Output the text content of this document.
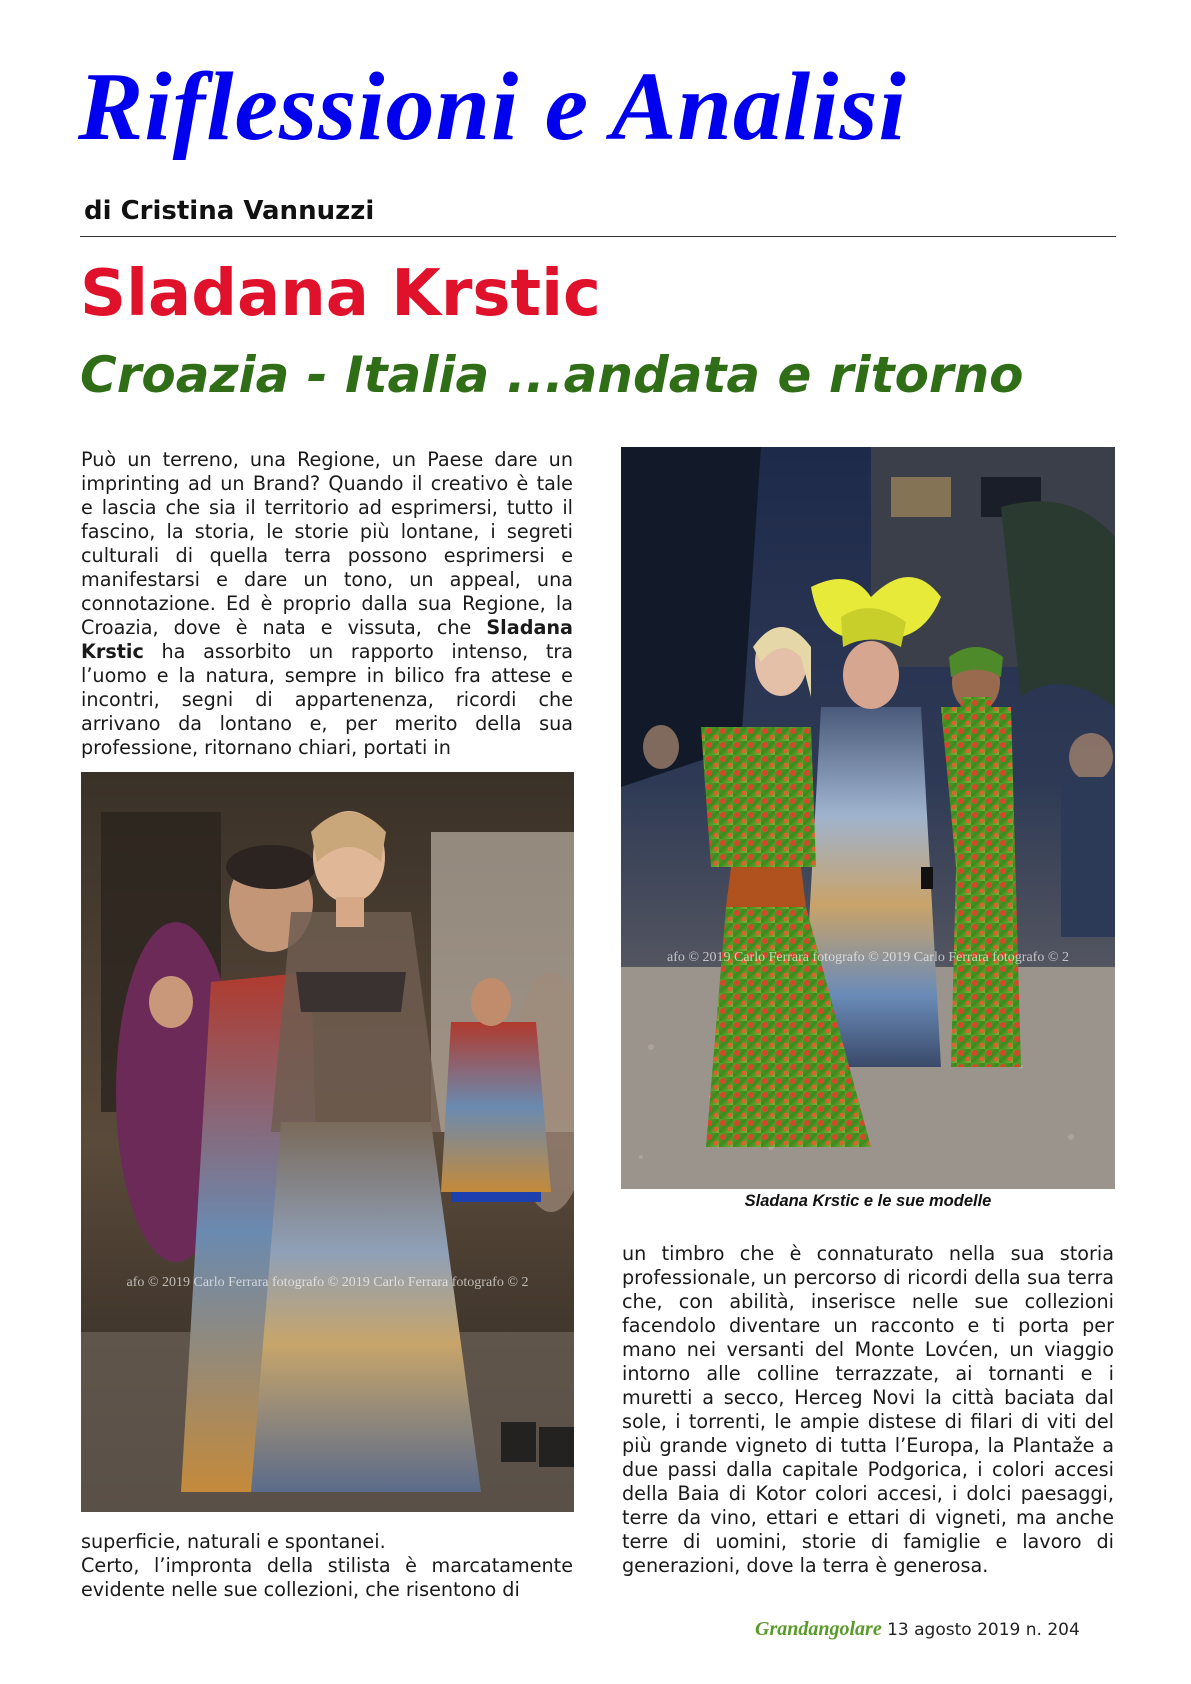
Riflessioni e Analisi

di Cristina Vannuzzi

Sladana Krstic
Croazia - Italia ...andata e ritorno
Può un terreno, una Regione, un Paese dare un imprinting ad un Brand? Quando il creativo è tale e lascia che sia il territorio ad esprimersi, tutto il fascino, la storia, le storie più lontane, i segreti culturali di quella terra possono esprimersi e manifestarsi e dare un tono, un appeal, una connotazione. Ed è proprio dalla sua Regione, la Croazia, dove è nata e vissuta, che Sladana Krstic ha assorbito un rapporto intenso, tra l’uomo e la natura, sempre in bilico fra attese e incontri, segni di appartenenza, ricordi che arrivano da lontano e, per merito della sua professione, ritornano chiari, portati in
afo © 2019 Carlo Ferrara fotografo © 2019 Carlo Ferrara fotografo © 2
afo © 2019 Carlo Ferrara fotografo © 2019 Carlo Ferrara fotografo © 2

Sladana Krstic e le sue modelle

un timbro che è connaturato nella sua storia professionale, un percorso di ricordi della sua terra che, con abilità, inserisce nelle sue collezioni facendolo diventare un racconto e ti porta per mano nei versanti del Monte Lovćen, un viaggio intorno alle colline terrazzate, ai tornanti e i muretti a secco, Herceg Novi la città baciata dal sole, i torrenti, le ampie distese di filari di viti del più grande vigneto di tutta l’Europa, la Plantaže a due passi dalla capitale Podgorica, i colori accesi della Baia di Kotor colori accesi, i dolci paesaggi, terre da vino, ettari e ettari di vigneti, ma anche terre di uomini, storie di famiglie e lavoro di generazioni, dove la terra è generosa.

superficie, naturali e spontanei.

Certo, l’impronta della stilista è marcatamente evidente nelle sue collezioni, che risentono di

Grandangolare 13 agosto 2019 n. 204
